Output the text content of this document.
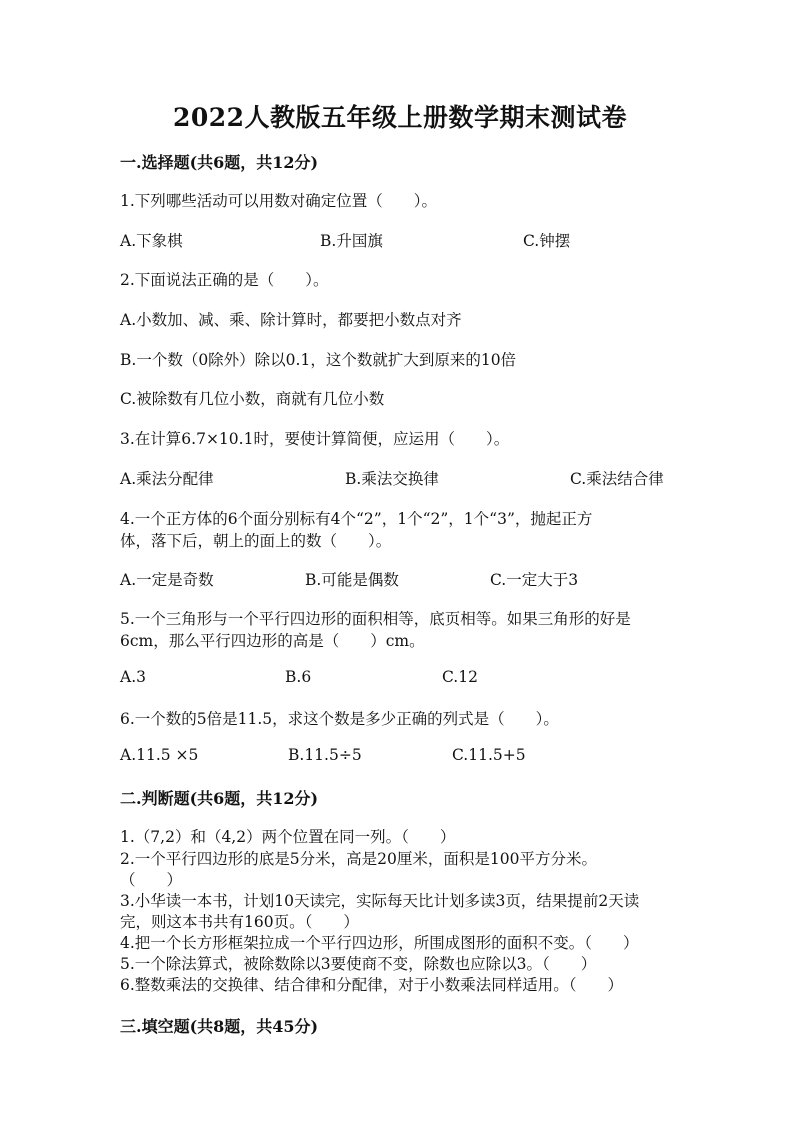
2022人教版五年级上册数学期末测试卷
一.选择题(共6题，共12分)
1.下列哪些活动可以用数对确定位置（　　）。
A.下象棋	B.升国旗	C.钟摆
2.下面说法正确的是（　　）。
A.小数加、减、乘、除计算时，都要把小数点对齐
B.一个数（0除外）除以0.1，这个数就扩大到原来的10倍
C.被除数有几位小数，商就有几位小数
3.在计算6.7×10.1时，要使计算简便，应运用（　　）。
A.乘法分配律	B.乘法交换律	C.乘法结合律
4.一个正方体的6个面分别标有4个“2”，1个“2”，1个“3”，抛起正方
体，落下后，朝上的面上的数（　　）。
A.一定是奇数	B.可能是偶数	C.一定大于3
5.一个三角形与一个平行四边形的面积相等，底页相等。如果三角形的好是
6cm，那么平行四边形的高是（　　）cm。
A.3	B.6	C.12
6.一个数的5倍是11.5，求这个数是多少正确的列式是（　　）。
A.11.5 ×5	B.11.5÷5	C.11.5+5
二.判断题(共6题，共12分)
1.（7,2）和（4,2）两个位置在同一列。（　　）
2.一个平行四边形的底是5分米，高是20厘米，面积是100平方分米。
（　　）
3.小华读一本书，计划10天读完，实际每天比计划多读3页，结果提前2天读
完，则这本书共有160页。（　　）
4.把一个长方形框架拉成一个平行四边形，所围成图形的面积不变。（　　）
5.一个除法算式，被除数除以3要使商不变，除数也应除以3。（　　）
6.整数乘法的交换律、结合律和分配律，对于小数乘法同样适用。（　　）
三.填空题(共8题，共45分)
